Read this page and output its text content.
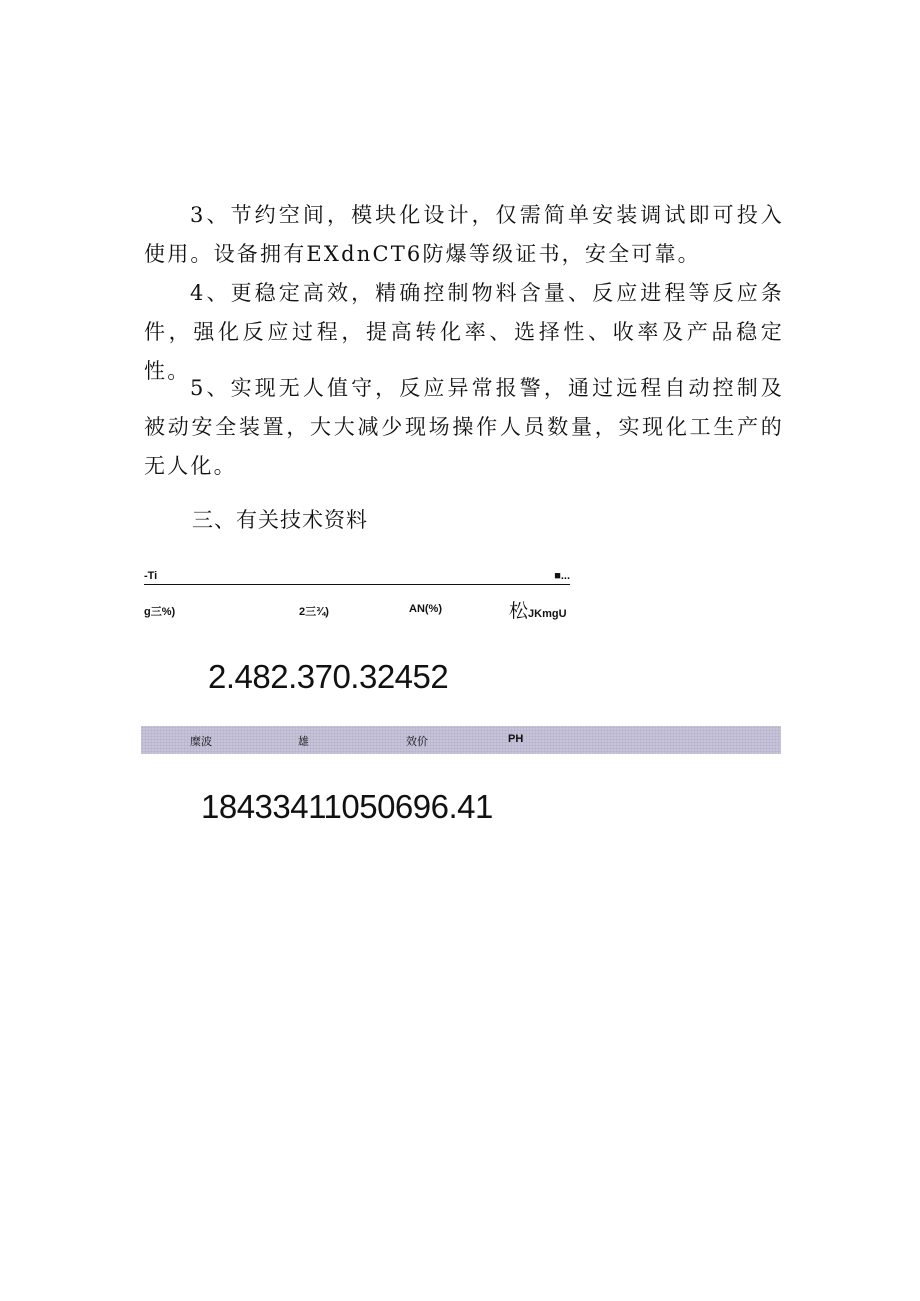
3、节约空间，模块化设计，仅需简单安装调试即可投入使用。设备拥有EXdnCT6防爆等级证书，安全可靠。

4、更稳定高效，精确控制物料含量、反应进程等反应条件，强化反应过程，提高转化率、选择性、收率及产品稳定性。

5、实现无人值守，反应异常报警，通过远程自动控制及被动安全装置，大大减少现场操作人员数量，实现化工生产的无人化。

三、有关技术资料
-Ti	■...
g三%)	2三¾)	AN(%)	松JKmgU
2.482.370.32452
糜波	雄	效价	PH
18433411050696.41
